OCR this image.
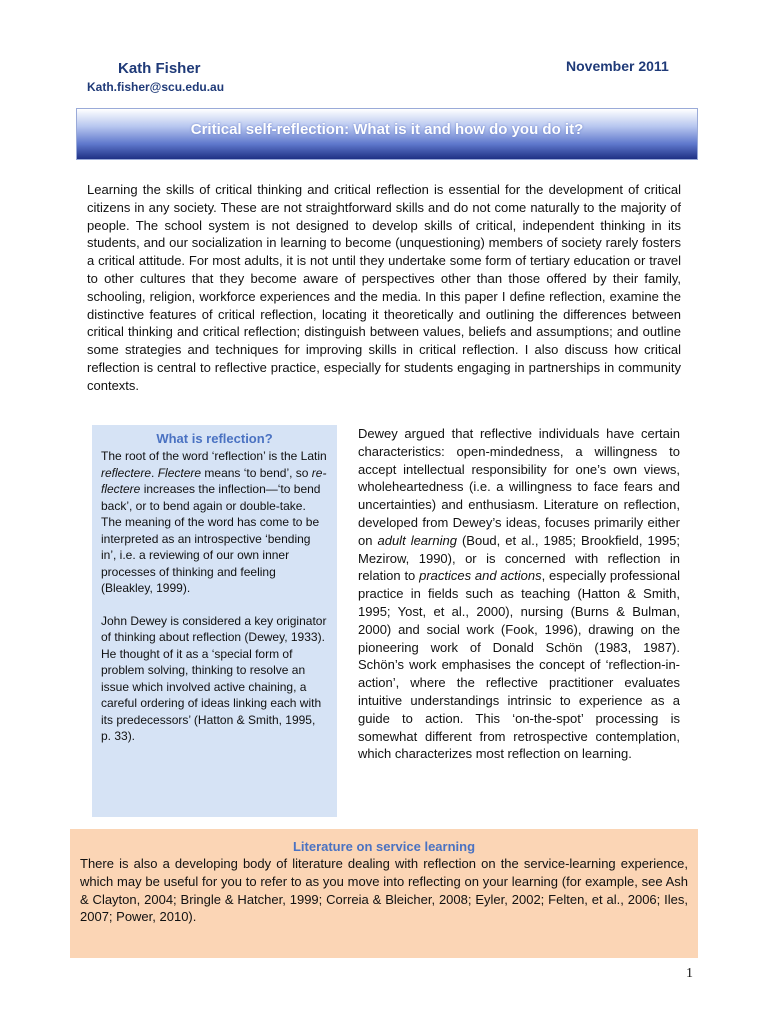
Kath Fisher
Kath.fisher@scu.edu.au
November 2011
Critical self-reflection: What is it and how do you do it?

Learning the skills of critical thinking and critical reflection is essential for the development of critical citizens in any society. These are not straightforward skills and do not come naturally to the majority of people. The school system is not designed to develop skills of critical, independent thinking in its students, and our socialization in learning to become (unquestioning) members of society rarely fosters a critical attitude. For most adults, it is not until they undertake some form of tertiary education or travel to other cultures that they become aware of perspectives other than those offered by their family, schooling, religion, workforce experiences and the media. In this paper I define reflection, examine the distinctive features of critical reflection, locating it theoretically and outlining the differences between critical thinking and critical reflection; distinguish between values, beliefs and assumptions; and outline some strategies and techniques for improving skills in critical reflection. I also discuss how critical reflection is central to reflective practice, especially for students engaging in partnerships in community contexts.

What is reflection?

The root of the word ‘reflection’ is the Latin reflectere. Flectere means ‘to bend’, so re-flectere increases the inflection—‘to bend back’, or to bend again or double-take. The meaning of the word has come to be interpreted as an introspective ‘bending in’, i.e. a reviewing of our own inner processes of thinking and feeling (Bleakley, 1999).

John Dewey is considered a key originator of thinking about reflection (Dewey, 1933). He thought of it as a ‘special form of problem solving, thinking to resolve an issue which involved active chaining, a careful ordering of ideas linking each with its predecessors’ (Hatton & Smith, 1995, p. 33).

Dewey argued that reflective individuals have certain characteristics: open-mindedness, a willingness to accept intellectual responsibility for one’s own views, wholeheartedness (i.e. a willingness to face fears and uncertainties) and enthusiasm. Literature on reflection, developed from Dewey’s ideas, focuses primarily either on adult learning (Boud, et al., 1985; Brookfield, 1995; Mezirow, 1990), or is concerned with reflection in relation to practices and actions, especially professional practice in fields such as teaching (Hatton & Smith, 1995; Yost, et al., 2000), nursing (Burns & Bulman, 2000) and social work (Fook, 1996), drawing on the pioneering work of Donald Schön (1983, 1987). Schön’s work emphasises the concept of ‘reflection-in-action’, where the reflective practitioner evaluates intuitive understandings intrinsic to experience as a guide to action. This ‘on-the-spot’ processing is somewhat different from retrospective contemplation, which characterizes most reflection on learning.

Literature on service learning

There is also a developing body of literature dealing with reflection on the service-learning experience, which may be useful for you to refer to as you move into reflecting on your learning (for example, see Ash & Clayton, 2004; Bringle & Hatcher, 1999; Correia & Bleicher, 2008; Eyler, 2002; Felten, et al., 2006; Iles, 2007; Power, 2010).

1
